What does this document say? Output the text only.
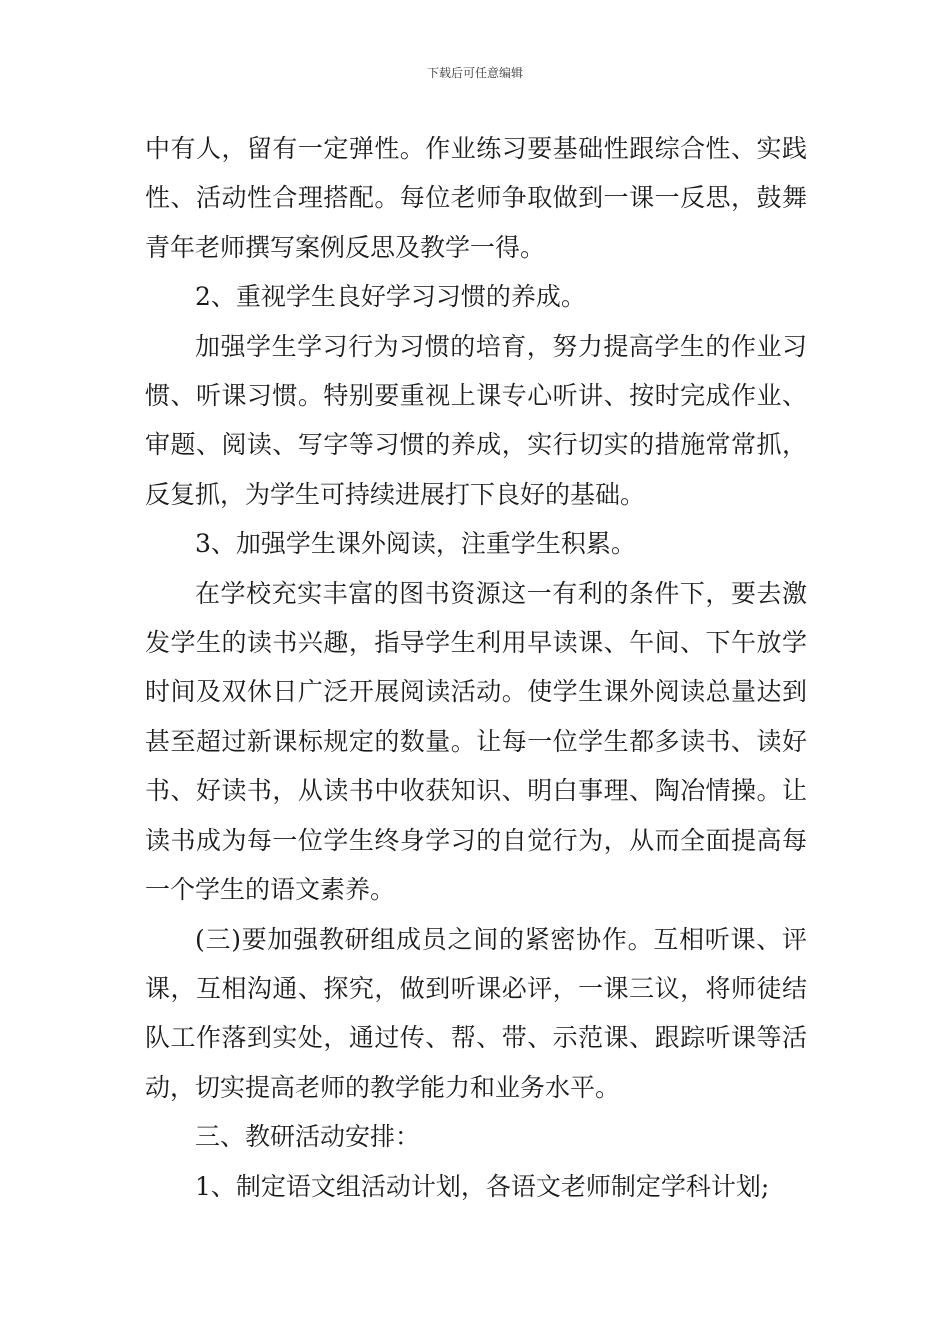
下载后可任意编辑

中有人，留有一定弹性。作业练习要基础性跟综合性、实践性、活动性合理搭配。每位老师争取做到一课一反思，鼓舞青年老师撰写案例反思及教学一得。

2、重视学生良好学习习惯的养成。

加强学生学习行为习惯的培育，努力提高学生的作业习惯、听课习惯。特别要重视上课专心听讲、按时完成作业、审题、阅读、写字等习惯的养成，实行切实的措施常常抓，反复抓，为学生可持续进展打下良好的基础。

3、加强学生课外阅读，注重学生积累。

在学校充实丰富的图书资源这一有利的条件下，要去激发学生的读书兴趣，指导学生利用早读课、午间、下午放学时间及双休日广泛开展阅读活动。使学生课外阅读总量达到甚至超过新课标规定的数量。让每一位学生都多读书、读好书、好读书，从读书中收获知识、明白事理、陶冶情操。让读书成为每一位学生终身学习的自觉行为，从而全面提高每一个学生的语文素养。

(三)要加强教研组成员之间的紧密协作。互相听课、评课，互相沟通、探究，做到听课必评，一课三议，将师徒结队工作落到实处，通过传、帮、带、示范课、跟踪听课等活动，切实提高老师的教学能力和业务水平。

三、教研活动安排：

1、制定语文组活动计划，各语文老师制定学科计划;
